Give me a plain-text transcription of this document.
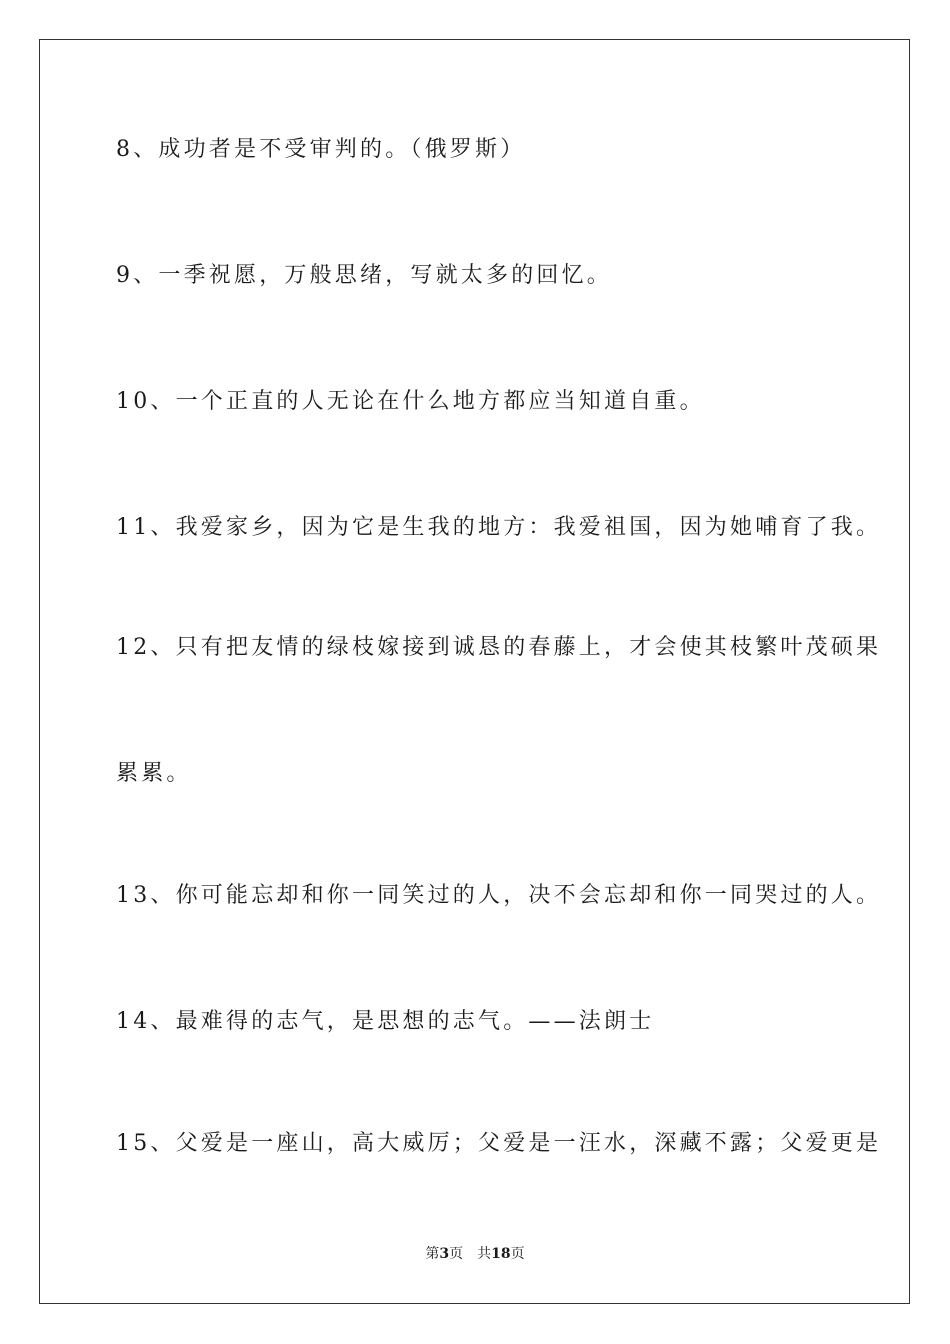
8、成功者是不受审判的。（俄罗斯）

9、一季祝愿，万般思绪，写就太多的回忆。

10、一个正直的人无论在什么地方都应当知道自重。

11、我爱家乡，因为它是生我的地方：我爱祖国，因为她哺育了我。

12、只有把友情的绿枝嫁接到诚恳的春藤上，才会使其枝繁叶茂硕果

累累。

13、你可能忘却和你一同笑过的人，决不会忘却和你一同哭过的人。

14、最难得的志气，是思想的志气。——法朗士

15、父爱是一座山，高大威厉；父爱是一汪水，深藏不露；父爱更是

第3页 共18页
